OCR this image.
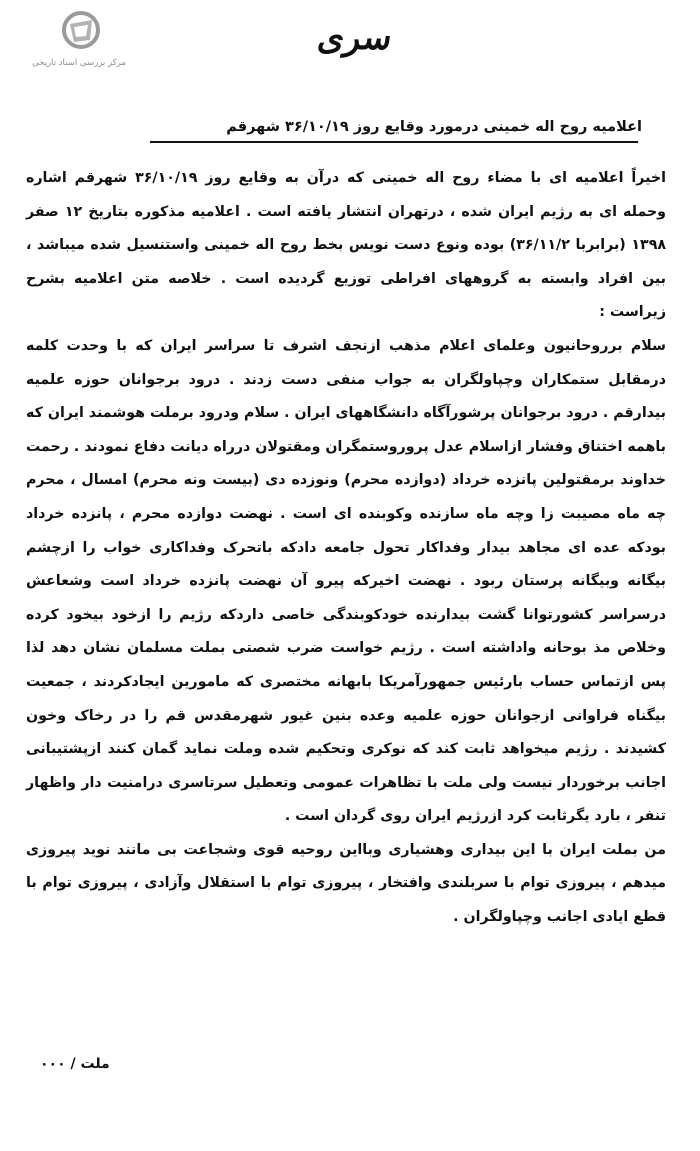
مرکز بررسی اسناد تاریخی
سری
اعلامیه روح اله خمینی درمورد وقایع روز ۳۶/۱۰/۱۹ شهرقم

اخیراً اعلامیه ای با مضاء روح اله خمینی که درآن به وقایع روز ۳۶/۱۰/۱۹ شهرقم اشاره وحمله ای به رژیم ایران شده ، درتهران انتشار یافته است . اعلامیه مذکوره بتاریخ ۱۲ صفر ۱۳۹۸ (برابربا ۳۶/۱۱/۲) بوده ونوع دست نویس بخط روح اله خمینی واستنسیل شده میباشد ، بین افراد وابسته به گروههای افراطی توزیع گردیده است . خلاصه متن اعلامیه بشرح زیراست :

سلام برروحانیون وعلمای اعلام مذهب ازنجف اشرف تا سراسر ایران که با وحدت کلمه درمقابل ستمکاران وچپاولگران به جواب منفی دست زدند . درود برجوانان حوزه علمیه بیدارقم . درود برجوانان پرشورآگاه دانشگاههای ایران . سلام ودرود برملت هوشمند ایران که باهمه اختناق وفشار ازاسلام عدل پروروستمگران ومقتولان درراه دیانت دفاع نمودند . رحمت خداوند برمقتولین پانزده خرداد (دوازده محرم) ونوزده دی (بیست ونه محرم) امسال ، محرم چه ماه مصیبت زا وچه ماه سازنده وکوبنده ای است . نهضت دوازده محرم ، پانزده خرداد بودکه عده ای مجاهد بیدار وفداکار تحول جامعه دادکه باتحرک وفداکاری خواب را ازچشم بیگانه وبیگانه پرستان ربود . نهضت اخیرکه پیرو آن نهضت پانزده خرداد است وشعاعش درسراسر کشورتوانا گشت بیدارنده خودکوبندگی خاصی داردکه رژیم را ازخود بیخود کرده وخلاص مذ بوحانه واداشته است . رژیم خواست ضرب شصتی بملت مسلمان نشان دهد لذا پس ازتماس حساب بارئیس جمهورآمریکا بابهانه مختصری که مامورین ایجادکردند ، جمعیت بیگناه فراوانی ازجوانان حوزه علمیه وعده بنین غیور شهرمقدس قم را در رخاک وخون کشیدند . رژیم میخواهد ثابت کند که نوکری وتحکیم شده وملت نماید گمان کنند ازپشتیبانی اجانب برخوردار نیست ولی ملت با تظاهرات عمومی وتعطیل سرتاسری درامنیت دار واظهار تنفر ، بارد یگرثابت کرد ازرژیم ایران روی گردان است .

من بملت ایران با این بیداری وهشیاری وبااین روحیه قوی وشجاعت بی مانند نوید پیروزی میدهم ، پیروزی توام با سربلندی وافتخار ، پیروزی توام با استقلال وآزادی ، پیروزی توام با قطع ایادی اجانب وچپاولگران .

ملت / ۰۰۰
